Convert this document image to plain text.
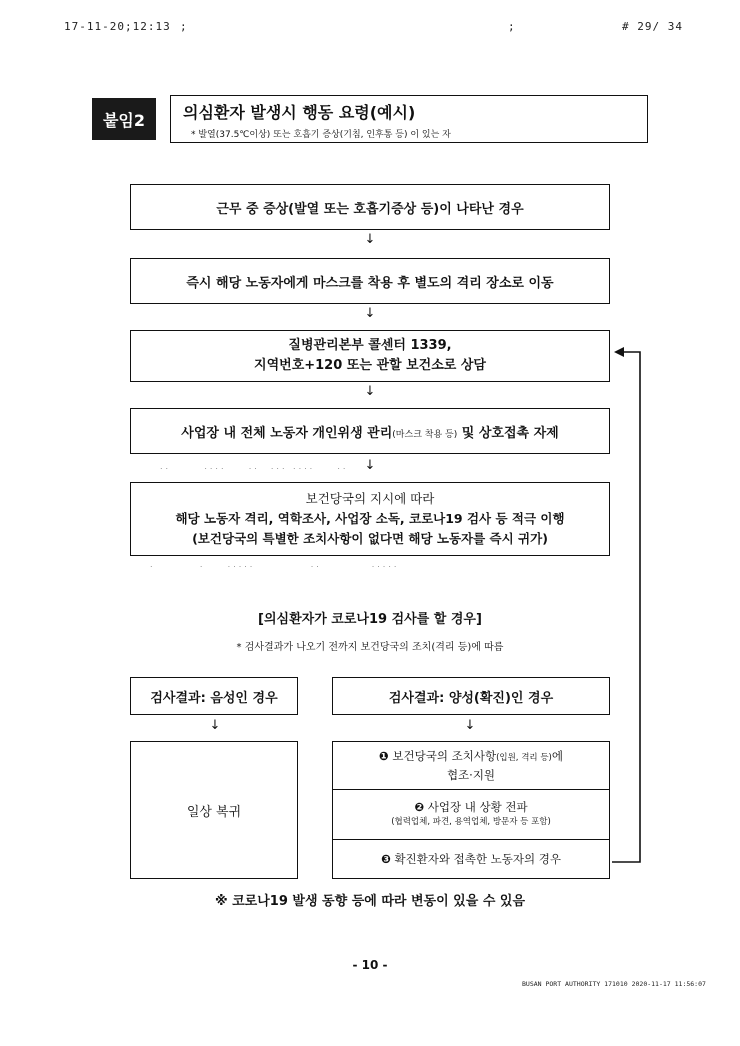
17-11-20;12:13 ;	;	# 29/ 34
붙임2	의심환자 발생시 행동 요령(예시)
* 발열(37.5℃이상) 또는 호흡기 증상(기침, 인후통 등) 이 있는 자
근무 중 증상(발열 또는 호흡기증상 등)이 나타난 경우
↓
즉시 해당 노동자에게 마스크를 착용 후 별도의 격리 장소로 이동
↓
질병관리본부 콜센터 1339,
지역번호+120 또는 관할 보건소로 상담
↓
사업장 내 전체 노동자 개인위생 관리(마스크 착용 등) 및 상호접촉 자제
..      ....    ..  ... ....    ..	↓
보건당국의 지시에 따라
해당 노동자 격리, 역학조사, 사업장 소독, 코로나19 검사 등 적극 이행
(보건당국의 특별한 조치사항이 없다면 해당 노동자를 즉시 귀가)
.        .    .....          ..         .....
[의심환자가 코로나19 검사를 할 경우]
* 검사결과가 나오기 전까지 보건당국의 조치(격리 등)에 따름
검사결과: 음성인 경우
↓
일상 복귀
검사결과: 양성(확진)인 경우
↓
❶ 보건당국의 조치사항(입원, 격리 등)에
협조·지원
❷ 사업장 내 상황 전파
(협력업체, 파견, 용역업체, 방문자 등 포함)
❸ 확진환자와 접촉한 노동자의 경우
※ 코로나19 발생 동향 등에 따라 변동이 있을 수 있음
- 10 -
BUSAN PORT AUTHORITY 171010 2020-11-17 11:56:07
